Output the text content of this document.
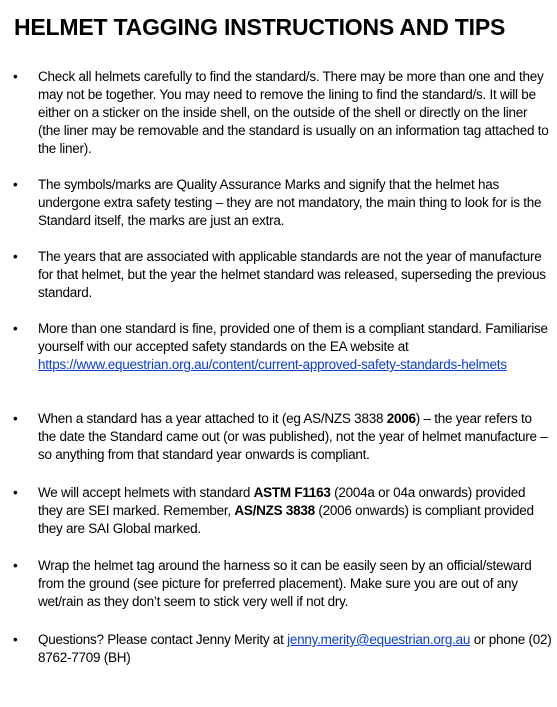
HELMET TAGGING INSTRUCTIONS AND TIPS
• Check all helmets carefully to find the standard/s. There may be more than one and they may not be together. You may need to remove the lining to find the standard/s. It will be either on a sticker on the inside shell, on the outside of the shell or directly on the liner (the liner may be removable and the standard is usually on an information tag attached to the liner).
• The symbols/marks are Quality Assurance Marks and signify that the helmet has undergone extra safety testing – they are not mandatory, the main thing to look for is the Standard itself, the marks are just an extra.
• The years that are associated with applicable standards are not the year of manufacture for that helmet, but the year the helmet standard was released, superseding the previous standard.
• More than one standard is fine, provided one of them is a compliant standard. Familiarise yourself with our accepted safety standards on the EA website at https://www.equestrian.org.au/content/current-approved-safety-standards-helmets
• When a standard has a year attached to it (eg AS/NZS 3838 2006) – the year refers to the date the Standard came out (or was published), not the year of helmet manufacture – so anything from that standard year onwards is compliant.
• We will accept helmets with standard ASTM F1163 (2004a or 04a onwards) provided they are SEI marked. Remember, AS/NZS 3838 (2006 onwards) is compliant provided they are SAI Global marked.
• Wrap the helmet tag around the harness so it can be easily seen by an official/steward from the ground (see picture for preferred placement). Make sure you are out of any wet/rain as they don’t seem to stick very well if not dry.
• Questions? Please contact Jenny Merity at jenny.merity@equestrian.org.au or phone (02) 8762-7709 (BH)
